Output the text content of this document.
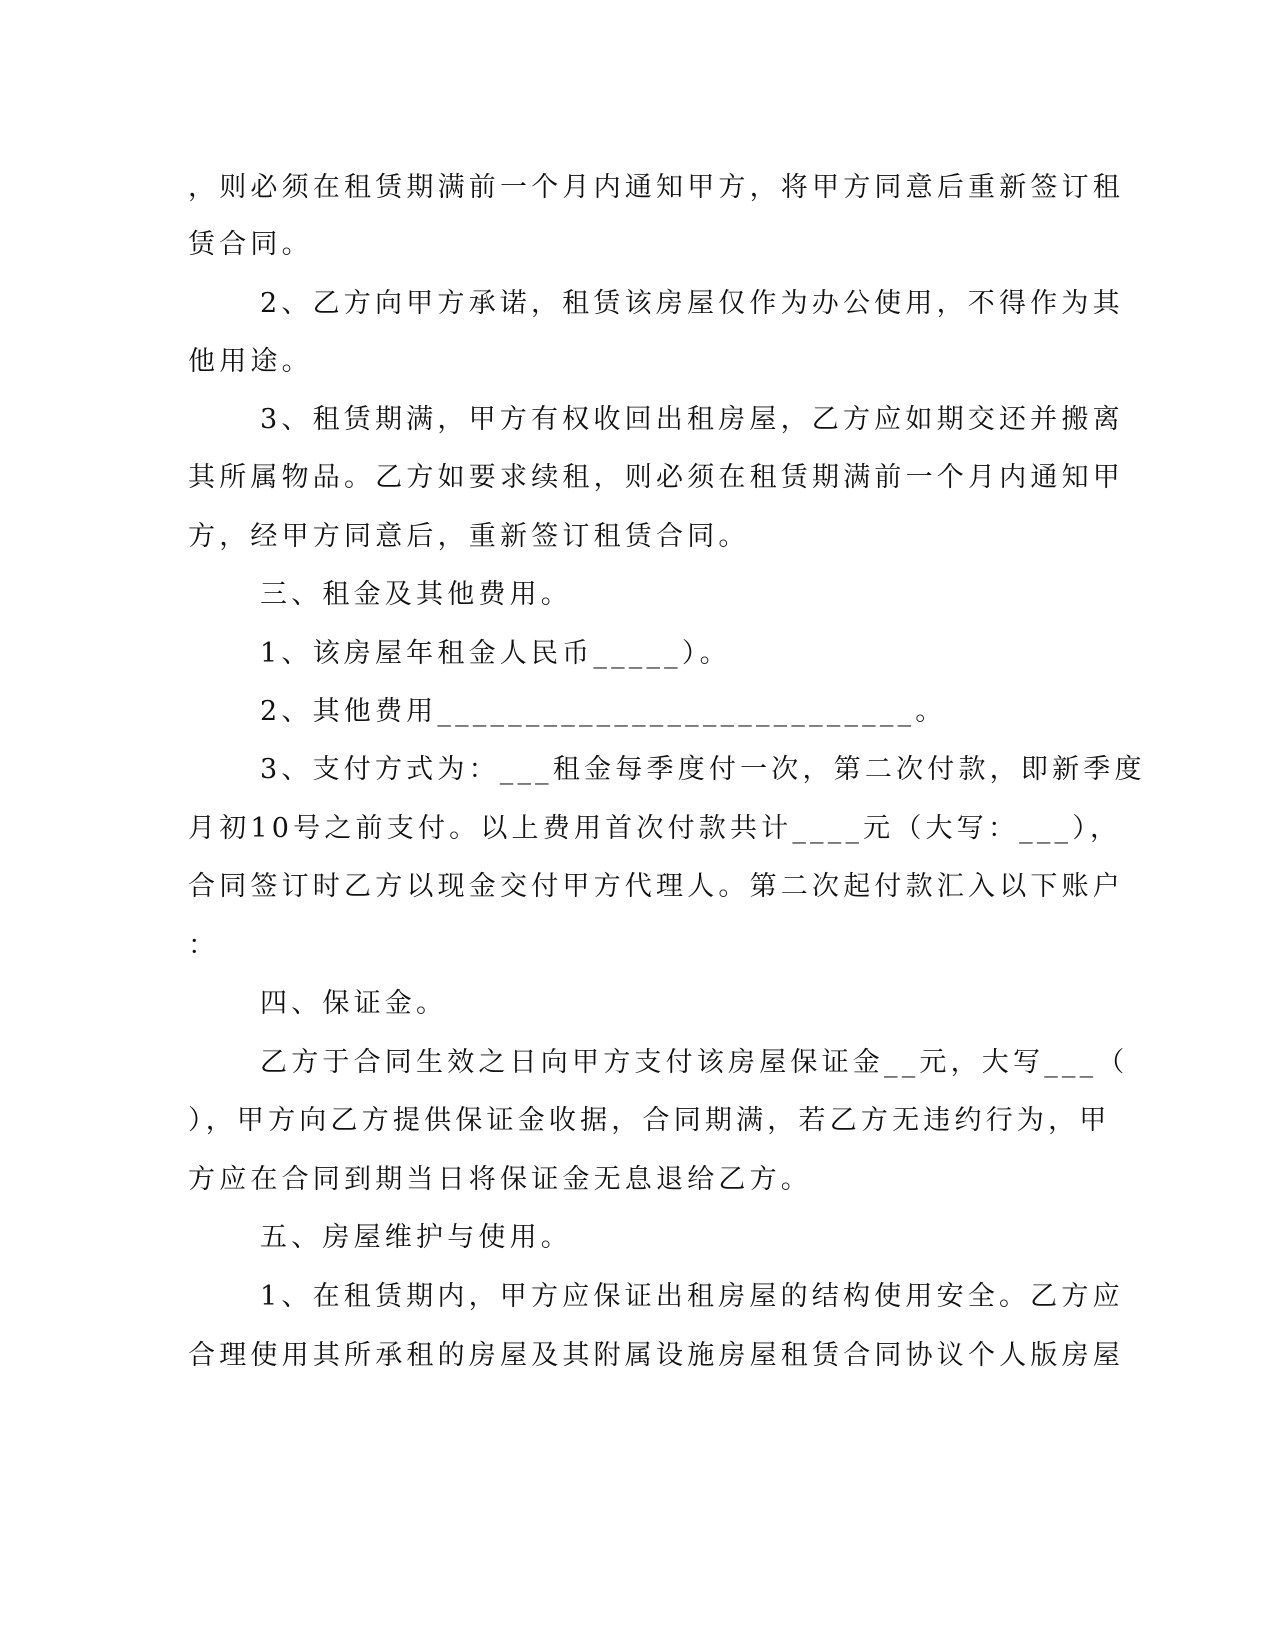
，则必须在租赁期满前一个月内通知甲方，将甲方同意后重新签订租
赁合同。
2、乙方向甲方承诺，租赁该房屋仅作为办公使用，不得作为其
他用途。
3、租赁期满，甲方有权收回出租房屋，乙方应如期交还并搬离
其所属物品。乙方如要求续租，则必须在租赁期满前一个月内通知甲
方，经甲方同意后，重新签订租赁合同。
三、租金及其他费用。
1、该房屋年租金人民币_____）。
2、其他费用___________________________。
3、支付方式为：___租金每季度付一次，第二次付款，即新季度
月初10号之前支付。以上费用首次付款共计____元（大写：___），
合同签订时乙方以现金交付甲方代理人。第二次起付款汇入以下账户
：
四、保证金。
乙方于合同生效之日向甲方支付该房屋保证金__元，大写___（
），甲方向乙方提供保证金收据，合同期满，若乙方无违约行为，甲
方应在合同到期当日将保证金无息退给乙方。
五、房屋维护与使用。
1、在租赁期内，甲方应保证出租房屋的结构使用安全。乙方应
合理使用其所承租的房屋及其附属设施房屋租赁合同协议个人版房屋
